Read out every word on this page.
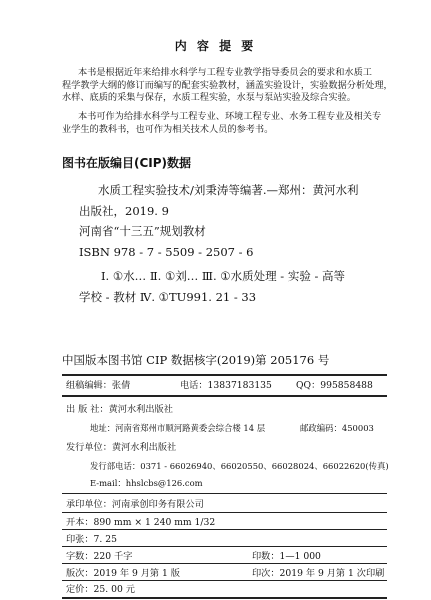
内 容 提 要
本书是根据近年来给排水科学与工程专业教学指导委员会的要求和水质工
程学教学大纲的修订而编写的配套实验教材，涵盖实验设计，实验数据分析处理，
水样、底质的采集与保存，水质工程实验，水泵与泵站实验及综合实验。
本书可作为给排水科学与工程专业、环境工程专业、水务工程专业及相关专
业学生的教科书，也可作为相关技术人员的参考书。
图书在版编目(CIP)数据
水质工程实验技术/刘秉涛等编著.—郑州：黄河水利
出版社，2019. 9
河南省“十三五”规划教材
ISBN 978 - 7 - 5509 - 2507 - 6
Ⅰ. ①水… Ⅱ. ①刘… Ⅲ. ①水质处理 - 实验 - 高等
学校 - 教材 Ⅳ. ①TU991. 21 - 33
中国版本图书馆 CIP 数据核字(2019)第 205176 号
组稿编辑：张倩	电话：13837183135	QQ：995858488
出 版 社：黄河水利出版社
地址：河南省郑州市顺河路黄委会综合楼 14 层	邮政编码：450003
发行单位：黄河水利出版社
发行部电话：0371 - 66026940、66020550、66028024、66022620(传真)
E-mail：hhslcbs@126.com
承印单位：河南承创印务有限公司
开本：890 mm × 1 240 mm 1/32
印张：7. 25
字数：220 千字	印数：1—1 000
版次：2019 年 9 月第 1 版	印次：2019 年 9 月第 1 次印刷
定价：25. 00 元
